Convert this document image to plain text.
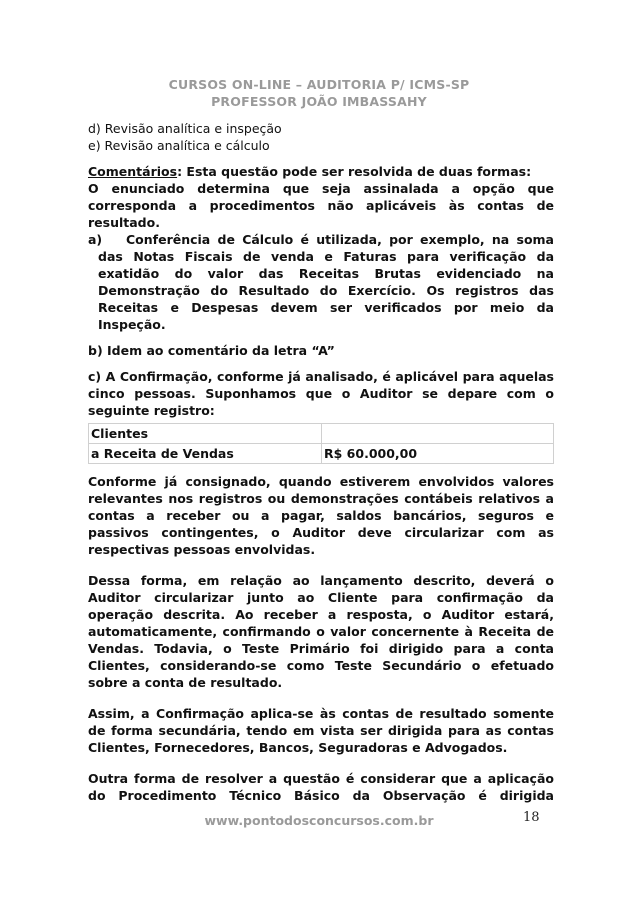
CURSOS ON-LINE – AUDITORIA P/ ICMS-SP
PROFESSOR JOÃO IMBASSAHY

d) Revisão analítica e inspeção

e) Revisão analítica e cálculo

Comentários: Esta questão pode ser resolvida de duas formas:

O enunciado determina que seja assinalada a opção que corresponda a procedimentos não aplicáveis às contas de resultado.

a)	Conferência de Cálculo é utilizada, por exemplo, na soma das Notas Fiscais de venda e Faturas para verificação da exatidão do valor das Receitas Brutas evidenciado na Demonstração do Resultado do Exercício. Os registros das Receitas e Despesas devem ser verificados por meio da Inspeção.

b) Idem ao comentário da letra “A”

c) A Confirmação, conforme já analisado, é aplicável para aquelas cinco pessoas. Suponhamos que o Auditor se depare com o seguinte registro:

Clientes	
a Receita de Vendas	R$ 60.000,00

Conforme já consignado, quando estiverem envolvidos valores relevantes nos registros ou demonstrações contábeis relativos a contas a receber ou a pagar, saldos bancários, seguros e passivos contingentes, o Auditor deve circularizar com as respectivas pessoas envolvidas.

Dessa forma, em relação ao lançamento descrito, deverá o Auditor circularizar junto ao Cliente para confirmação da operação descrita. Ao receber a resposta, o Auditor estará, automaticamente, confirmando o valor concernente à Receita de Vendas. Todavia, o Teste Primário foi dirigido para a conta Clientes, considerando-se como Teste Secundário o efetuado sobre a conta de resultado.

Assim, a Confirmação aplica-se às contas de resultado somente de forma secundária, tendo em vista ser dirigida para as contas Clientes, Fornecedores, Bancos, Seguradoras e Advogados.

Outra forma de resolver a questão é considerar que a aplicação do Procedimento Técnico Básico da Observação é dirigida

www.pontodosconcursos.com.br	18
